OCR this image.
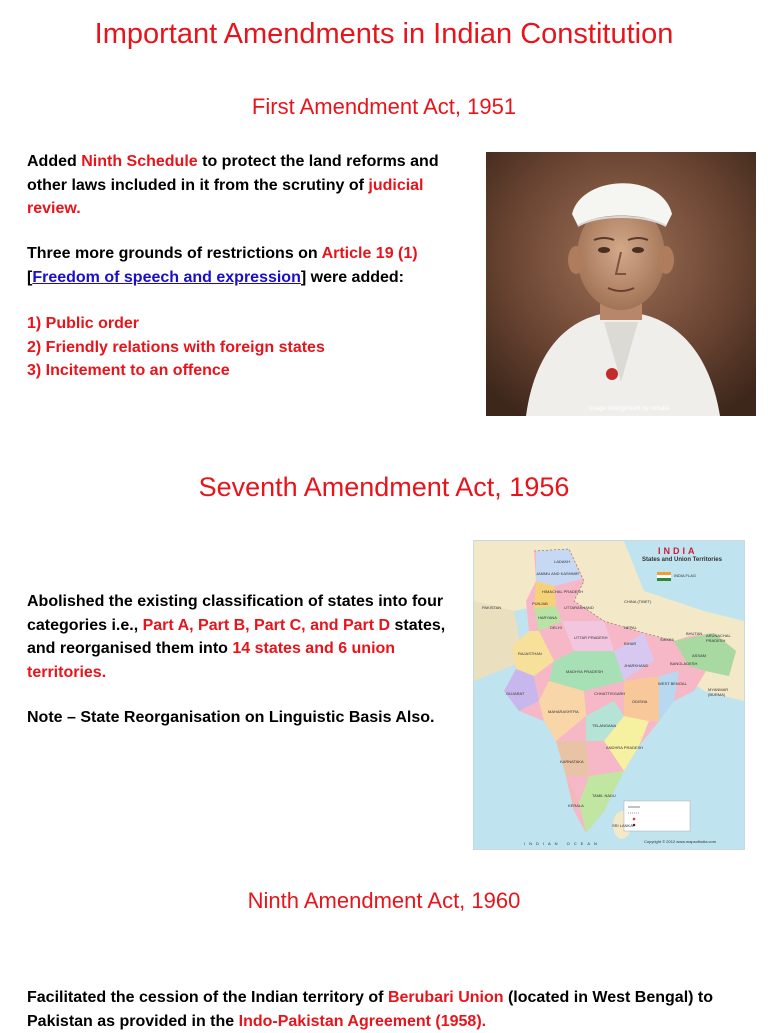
Important Amendments in Indian Constitution
First Amendment Act, 1951

Added Ninth Schedule to protect the land reforms and other laws included in it from the scrutiny of judicial review.

Three more grounds of restrictions on Article 19 (1)
[Freedom of speech and expression] were added:

1) Public order
2) Friendly relations with foreign states
3) Incitement to an offence

Image enlargement by indiatia
Seventh Amendment Act, 1956

Abolished the existing classification of states into four categories i.e., Part A, Part B, Part C, and Part D states, and reorganised them into 14 states and 6 union territories.

Note – State Reorganisation on Linguistic Basis Also.

INDIA
States and Union Territories
INDIA FLAG
LADAKH
JAMMU AND KASHMIR
HIMACHAL PRADESH
PUNJAB
HARYANA
UTTARAKHAND
DELHI
RAJASTHAN
UTTAR PRADESH
MADHYA PRADESH
GUJARAT
MAHARASHTRA
TELANGANA
ANDHRA PRADESH
KARNATAKA
TAMIL NADU
KERALA
BIHAR
JHARKHAND
WEST BENGAL
ODISHA
CHHATTISGARH
SIKKIM
ASSAM
ARUNACHAL PRADESH
NEPAL
BHUTAN
BANGLADESH
PAKISTAN
CHINA (TIBET)
SRI LANKA
MYANMAR (BURMA)
INDIAN OCEAN	Copyright © 2012 www.mapsofindia.com
Ninth Amendment Act, 1960

Facilitated the cession of the Indian territory of Berubari Union (located in West Bengal) to Pakistan as provided in the Indo-Pakistan Agreement (1958).
